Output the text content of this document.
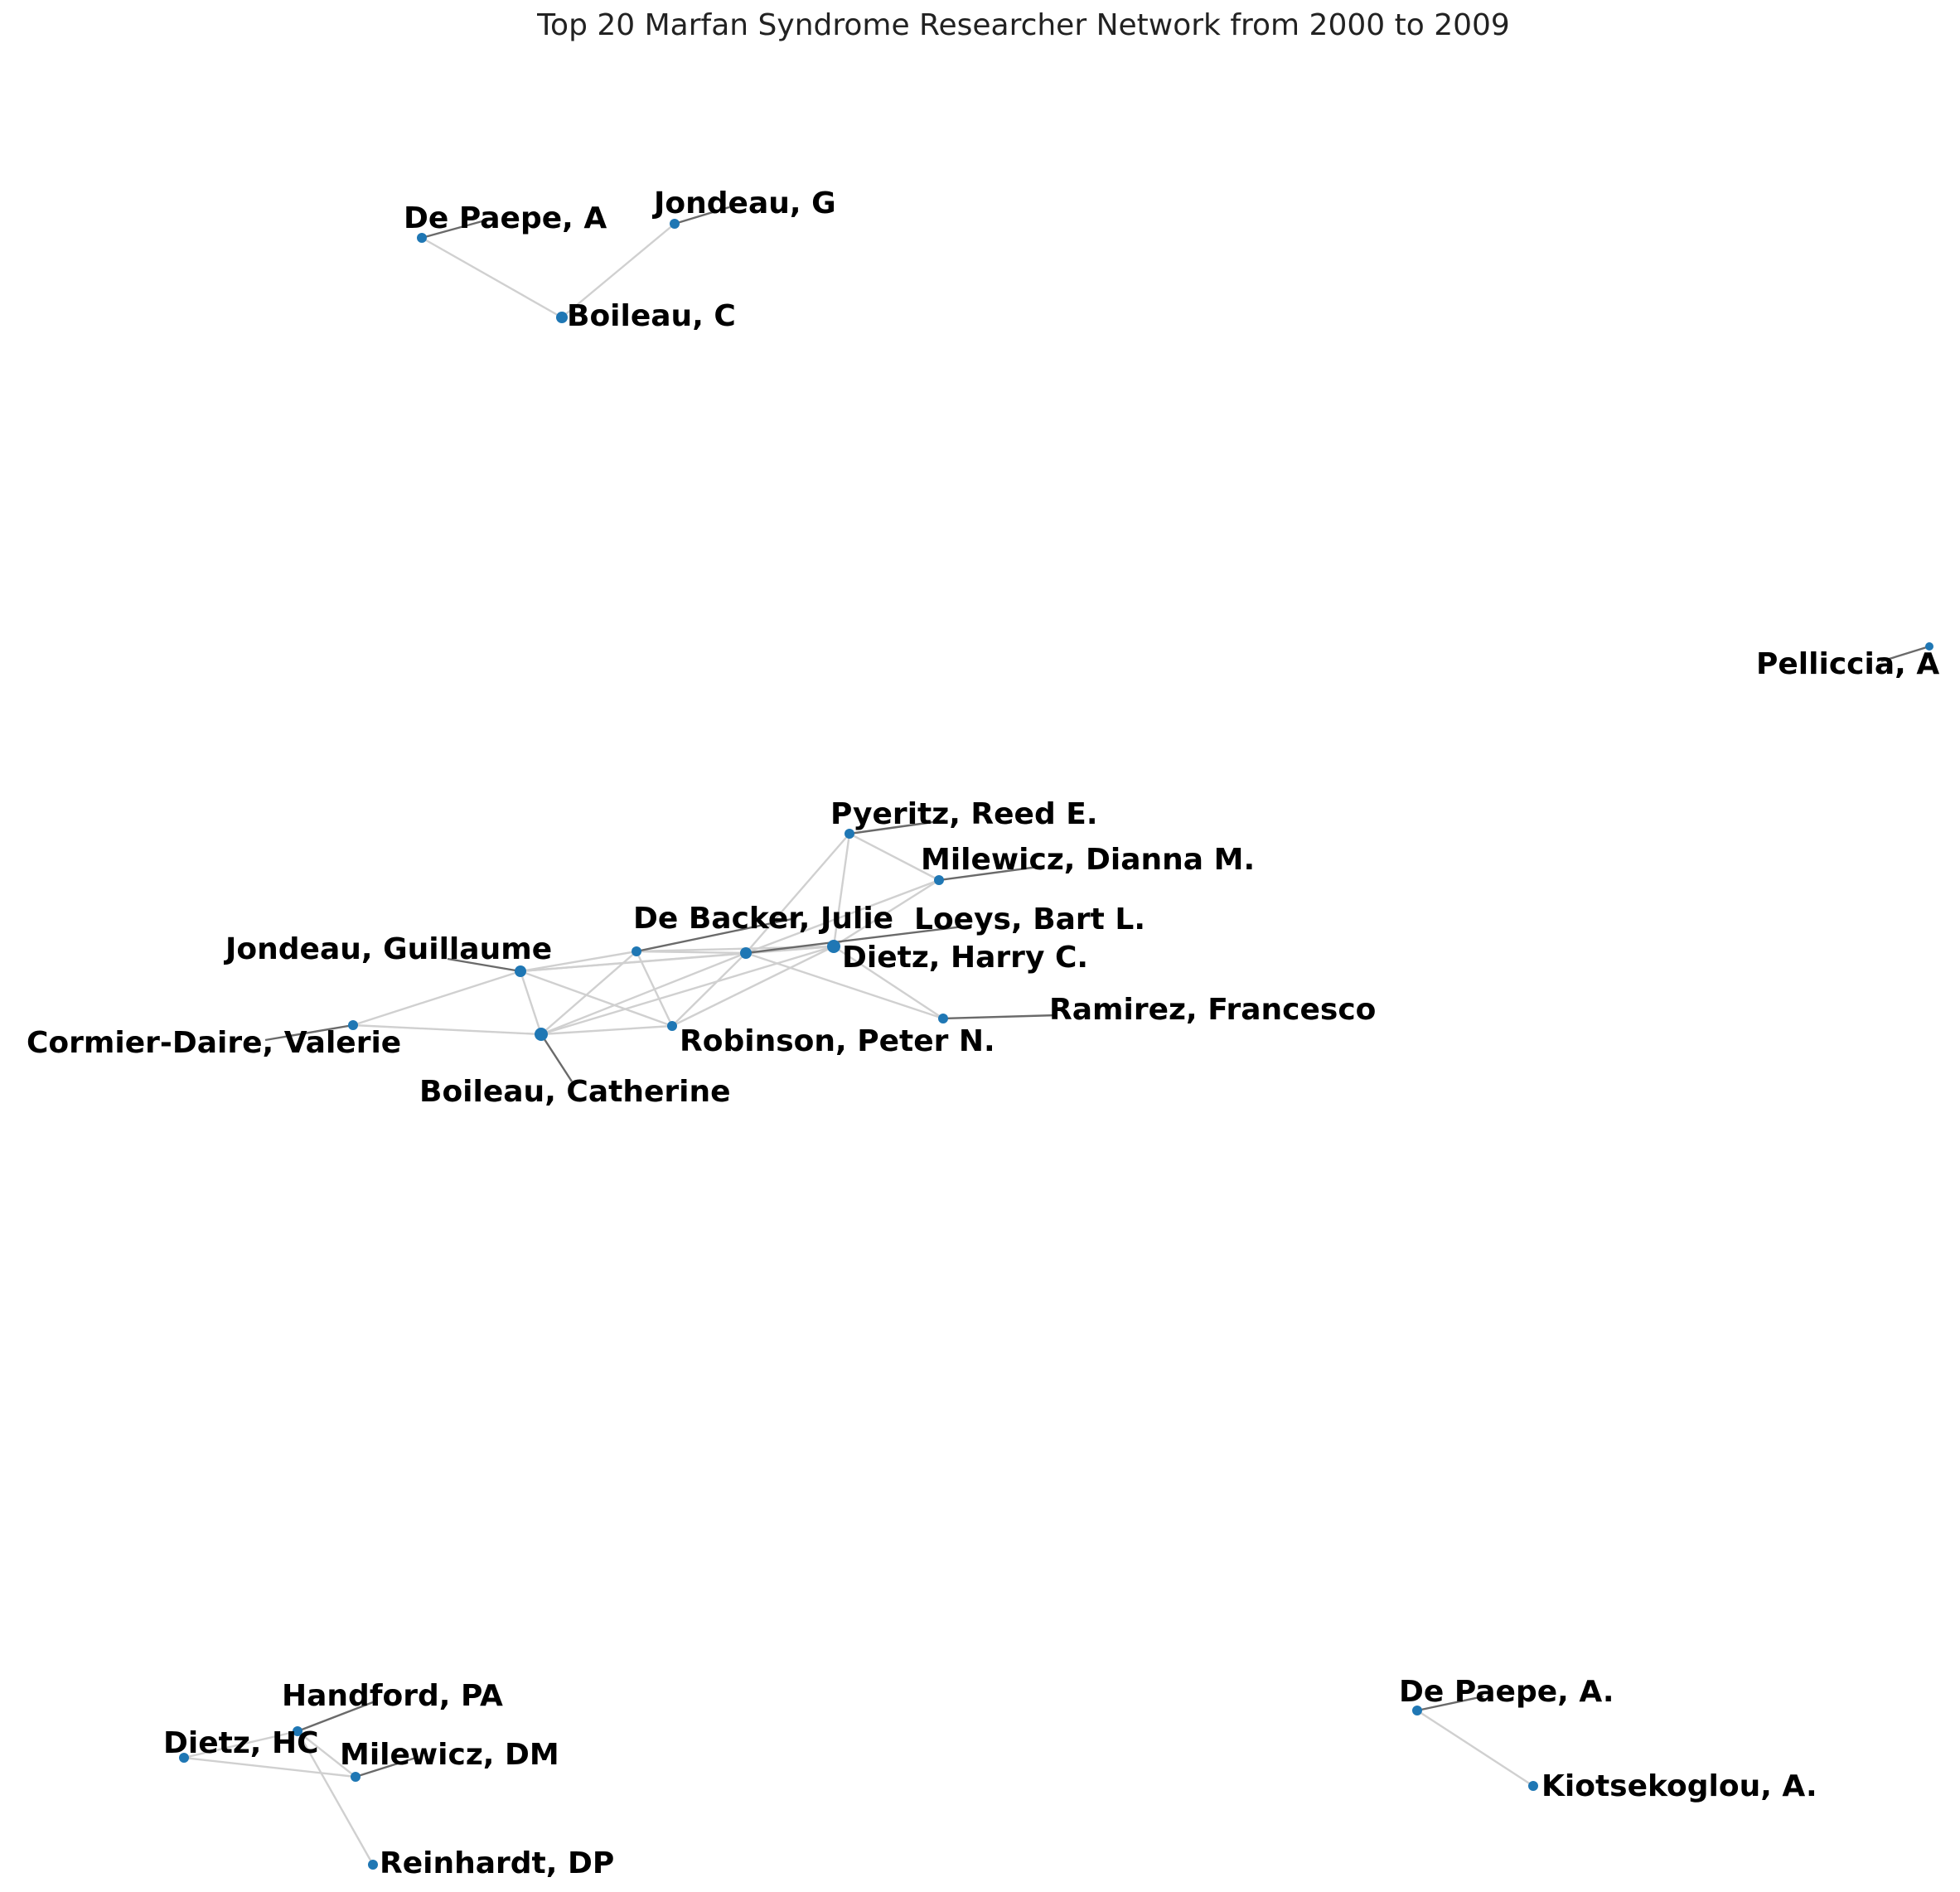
Top 20 Marfan Syndrome Researcher Network from 2000 to 2009
De Paepe, A Jondeau, G
Boileau, C
Pelliccia, A
Pyeritz, Reed E.
Milewicz, Dianna M.
De Backer, Julie Loeys, Bart L.
Jondeau, Guillaume	Dietz, Harry C.
Ramirez, Francesco
Cormier-Daire, Valerie	Robinson, Peter N.
Boileau, Catherine
Handford, PA
Dietz, HC Milewicz, DM
Reinhardt, DP
De Paepe, A.
Kiotsekoglou, A.
